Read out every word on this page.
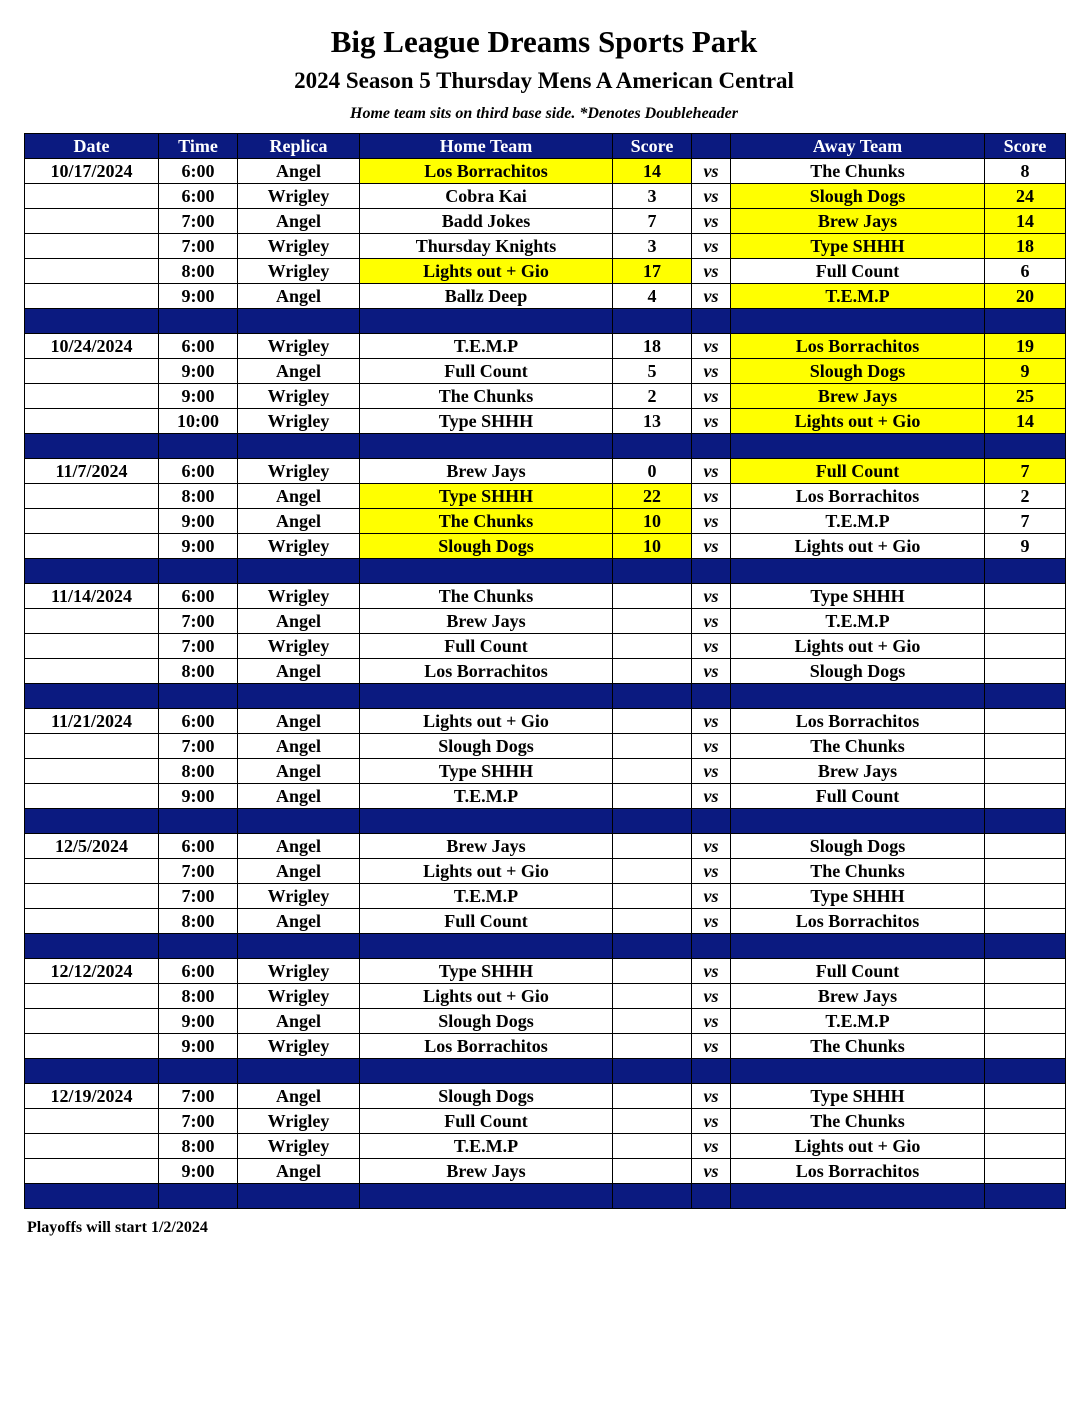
Big League Dreams Sports Park
2024 Season 5 Thursday Mens A American Central
Home team sits on third base side. *Denotes Doubleheader
Date	Time	Replica	Home Team	Score		Away Team	Score
10/17/2024	6:00	Angel	Los Borrachitos	14	vs	The Chunks	8
	6:00	Wrigley	Cobra Kai	3	vs	Slough Dogs	24
	7:00	Angel	Badd Jokes	7	vs	Brew Jays	14
	7:00	Wrigley	Thursday Knights	3	vs	Type SHHH	18
	8:00	Wrigley	Lights out + Gio	17	vs	Full Count	6
	9:00	Angel	Ballz Deep	4	vs	T.E.M.P	20

10/24/2024	6:00	Wrigley	T.E.M.P	18	vs	Los Borrachitos	19
	9:00	Angel	Full Count	5	vs	Slough Dogs	9
	9:00	Wrigley	The Chunks	2	vs	Brew Jays	25
	10:00	Wrigley	Type SHHH	13	vs	Lights out + Gio	14

11/7/2024	6:00	Wrigley	Brew Jays	0	vs	Full Count	7
	8:00	Angel	Type SHHH	22	vs	Los Borrachitos	2
	9:00	Angel	The Chunks	10	vs	T.E.M.P	7
	9:00	Wrigley	Slough Dogs	10	vs	Lights out + Gio	9

11/14/2024	6:00	Wrigley	The Chunks		vs	Type SHHH	
	7:00	Angel	Brew Jays		vs	T.E.M.P	
	7:00	Wrigley	Full Count		vs	Lights out + Gio	
	8:00	Angel	Los Borrachitos		vs	Slough Dogs	

11/21/2024	6:00	Angel	Lights out + Gio		vs	Los Borrachitos	
	7:00	Angel	Slough Dogs		vs	The Chunks	
	8:00	Angel	Type SHHH		vs	Brew Jays	
	9:00	Angel	T.E.M.P		vs	Full Count	

12/5/2024	6:00	Angel	Brew Jays		vs	Slough Dogs	
	7:00	Angel	Lights out + Gio		vs	The Chunks	
	7:00	Wrigley	T.E.M.P		vs	Type SHHH	
	8:00	Angel	Full Count		vs	Los Borrachitos	

12/12/2024	6:00	Wrigley	Type SHHH		vs	Full Count	
	8:00	Wrigley	Lights out + Gio		vs	Brew Jays	
	9:00	Angel	Slough Dogs		vs	T.E.M.P	
	9:00	Wrigley	Los Borrachitos		vs	The Chunks	

12/19/2024	7:00	Angel	Slough Dogs		vs	Type SHHH	
	7:00	Wrigley	Full Count		vs	The Chunks	
	8:00	Wrigley	T.E.M.P		vs	Lights out + Gio	
	9:00	Angel	Brew Jays		vs	Los Borrachitos	

Playoffs will start 1/2/2024
